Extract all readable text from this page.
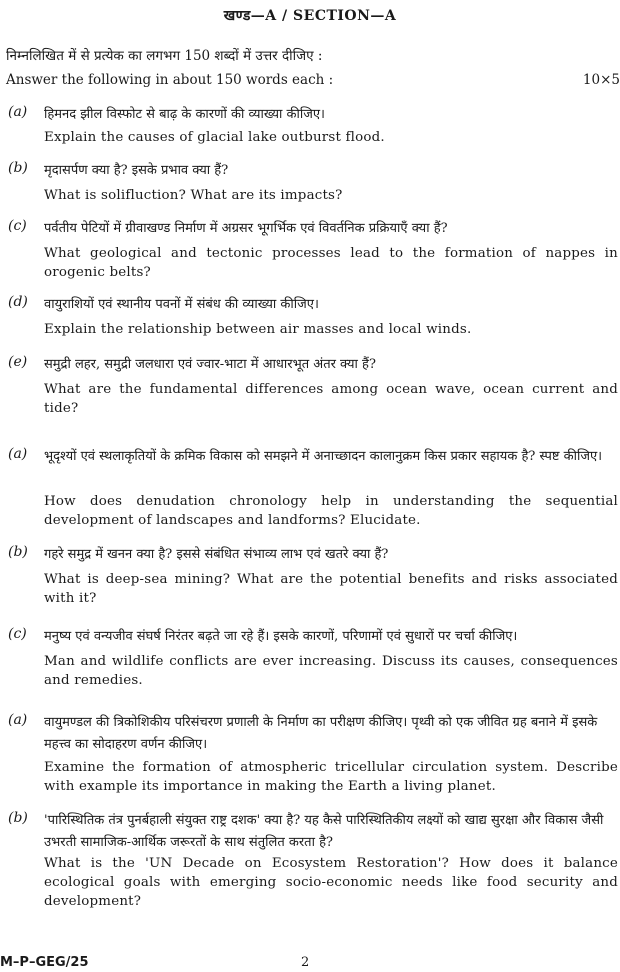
खण्ड—A / SECTION—A
निम्नलिखित में से प्रत्येक का लगभग 150 शब्दों में उत्तर दीजिए :
Answer the following in about 150 words each :	10×5
(a) हिमनद झील विस्फोट से बाढ़ के कारणों की व्याख्या कीजिए।
Explain the causes of glacial lake outburst flood.
(b) मृदासर्पण क्या है? इसके प्रभाव क्या हैं?
What is solifluction? What are its impacts?
(c) पर्वतीय पेटियों में ग्रीवाखण्ड निर्माण में अग्रसर भूगर्भिक एवं विवर्तनिक प्रक्रियाएँ क्या हैं?
What geological and tectonic processes lead to the formation of nappes in orogenic belts?
(d) वायुराशियों एवं स्थानीय पवनों में संबंध की व्याख्या कीजिए।
Explain the relationship between air masses and local winds.
(e) समुद्री लहर, समुद्री जलधारा एवं ज्वार-भाटा में आधारभूत अंतर क्या हैं?
What are the fundamental differences among ocean wave, ocean current and tide?
(a) भूदृश्यों एवं स्थलाकृतियों के क्रमिक विकास को समझने में अनाच्छादन कालानुक्रम किस प्रकार सहायक है? स्पष्ट कीजिए।
How does denudation chronology help in understanding the sequential development of landscapes and landforms? Elucidate.
(b) गहरे समुद्र में खनन क्या है? इससे संबंधित संभाव्य लाभ एवं खतरे क्या हैं?
What is deep-sea mining? What are the potential benefits and risks associated with it?
(c) मनुष्य एवं वन्यजीव संघर्ष निरंतर बढ़ते जा रहे हैं। इसके कारणों, परिणामों एवं सुधारों पर चर्चा कीजिए।
Man and wildlife conflicts are ever increasing. Discuss its causes, consequences and remedies.
(a) वायुमण्डल की त्रिकोशिकीय परिसंचरण प्रणाली के निर्माण का परीक्षण कीजिए। पृथ्वी को एक जीवित ग्रह बनाने में इसके महत्त्व का सोदाहरण वर्णन कीजिए।
Examine the formation of atmospheric tricellular circulation system. Describe with example its importance in making the Earth a living planet.
(b) 'पारिस्थितिक तंत्र पुनर्बहाली संयुक्त राष्ट्र दशक' क्या है? यह कैसे पारिस्थितिकीय लक्ष्यों को खाद्य सुरक्षा और विकास जैसी उभरती सामाजिक-आर्थिक जरूरतों के साथ संतुलित करता है?
What is the 'UN Decade on Ecosystem Restoration'? How does it balance ecological goals with emerging socio-economic needs like food security and development?
M–P–GEG/25	2
